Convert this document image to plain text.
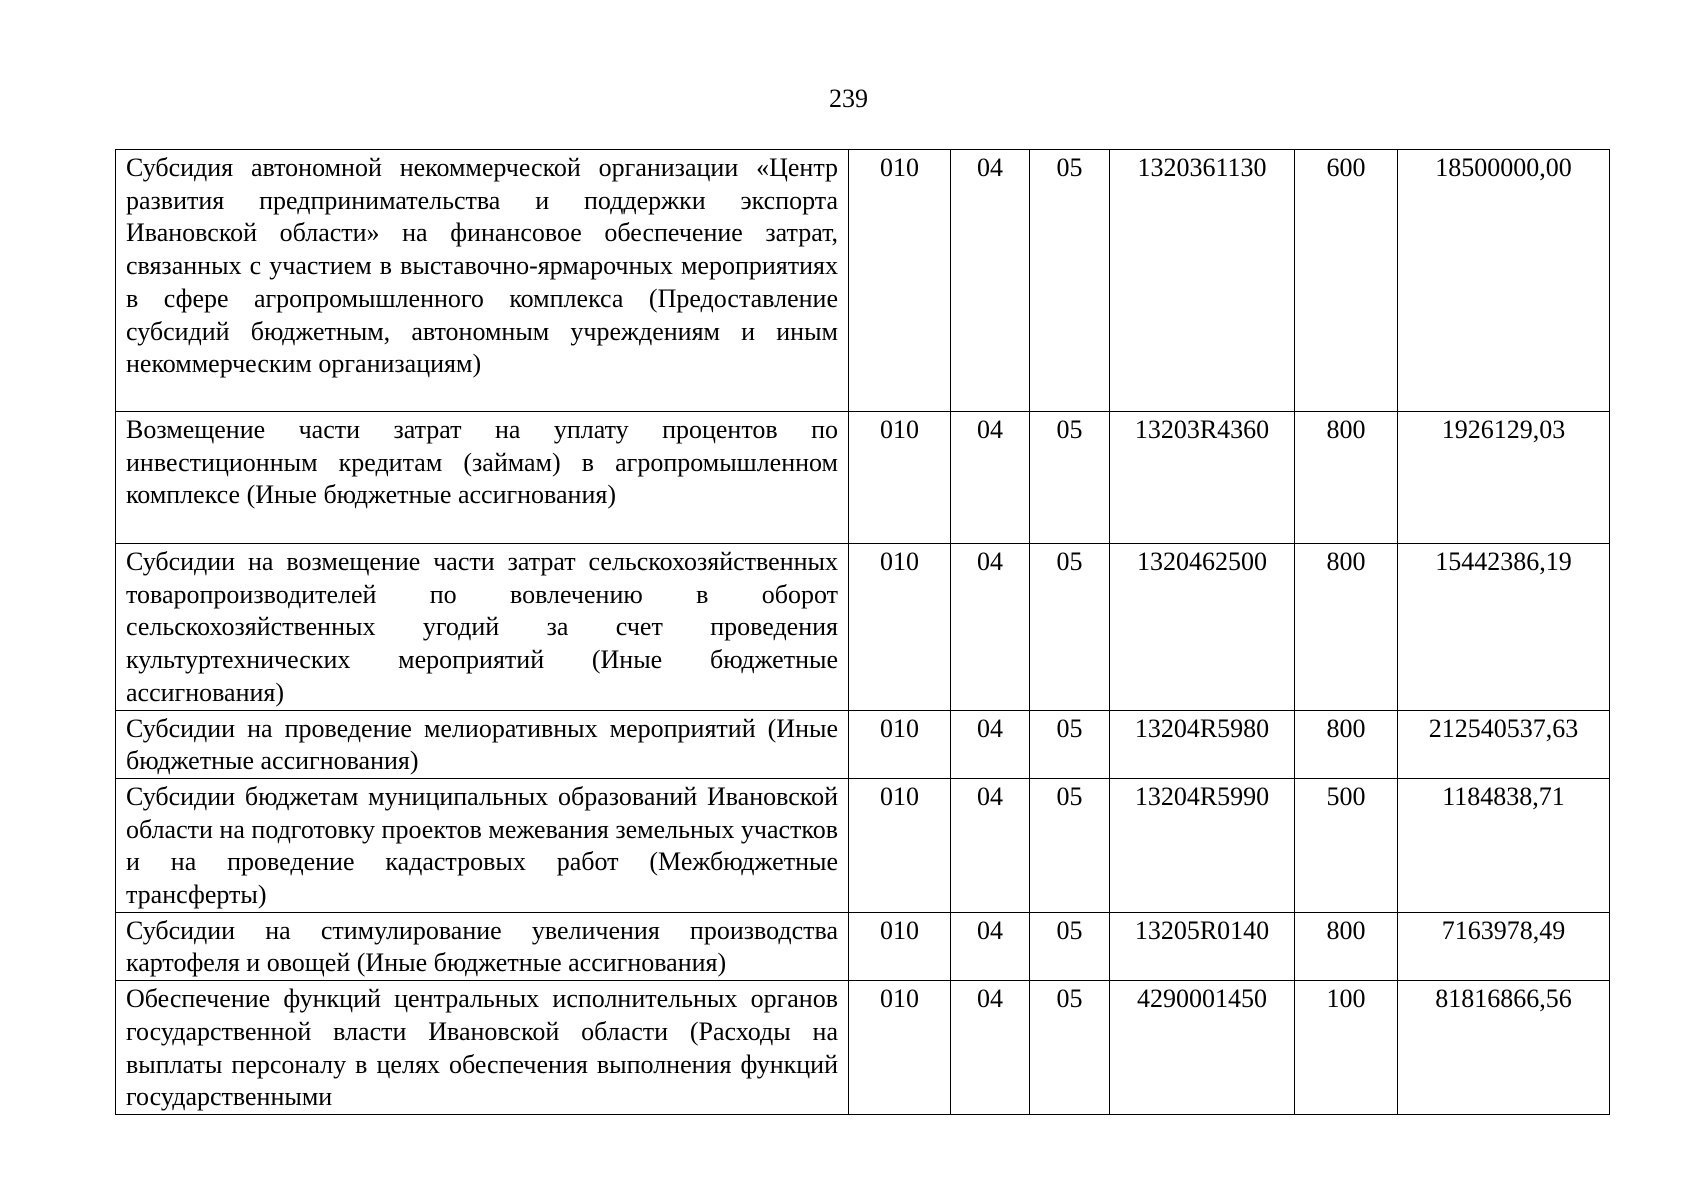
239
Субсидия автономной некоммерческой организации «Центр развития предпринимательства и поддержки экспорта Ивановской области» на финансовое обеспечение затрат, связанных с участием в выставочно-ярмарочных мероприятиях в сфере агропромышленного комплекса (Предоставление субсидий бюджетным, автономным учреждениям и иным некоммерческим организациям)	010	04	05	1320361130	600	18500000,00

Возмещение части затрат на уплату процентов по инвестиционным кредитам (займам) в агропромышленном комплексе (Иные бюджетные ассигнования)	010	04	05	13203R4360	800	1926129,03

Субсидии на возмещение части затрат сельскохозяйственных товаропроизводителей по вовлечению в оборот сельскохозяйственных угодий за счет проведения культуртехнических мероприятий (Иные бюджетные ассигнования)	010	04	05	1320462500	800	15442386,19

Субсидии на проведение мелиоративных мероприятий (Иные бюджетные ассигнования)	010	04	05	13204R5980	800	212540537,63

Субсидии бюджетам муниципальных образований Ивановской области на подготовку проектов межевания земельных участков и на проведение кадастровых работ (Межбюджетные трансферты)	010	04	05	13204R5990	500	1184838,71

Субсидии на стимулирование увеличения производства картофеля и овощей (Иные бюджетные ассигнования)	010	04	05	13205R0140	800	7163978,49

Обеспечение функций центральных исполнительных органов государственной власти Ивановской области (Расходы на выплаты персоналу в целях обеспечения выполнения функций государственными	010	04	05	4290001450	100	81816866,56
